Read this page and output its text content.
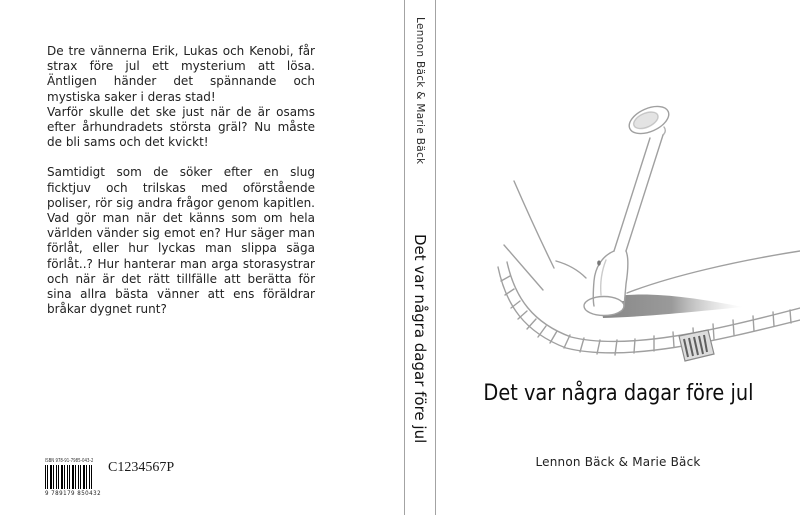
De tre vännerna Erik, Lukas och Kenobi, får strax före jul ett mysterium att lösa. Äntligen händer det spännande och mystiska saker i deras stad!

Varför skulle det ske just när de är osams efter århundradets största gräl? Nu måste de bli sams och det kvickt!

Samtidigt som de söker efter en slug ficktjuv och trilskas med oförstående poliser, rör sig andra frågor genom kapitlen. Vad gör man när det känns som om hela världen vänder sig emot en? Hur säger man förlåt, eller hur lyckas man slippa säga förlåt..? Hur hanterar man arga storasystrar och när är det rätt tillfälle att berätta för sina allra bästa vänner att ens föräldrar bråkar dygnet runt?

ISBN 978-91-7985-043-2
9 789179 850432
C1234567P
Lennon Bäck & Marie Bäck
Det var några dagar före jul	Det var några dagar före jul
Lennon Bäck & Marie Bäck
